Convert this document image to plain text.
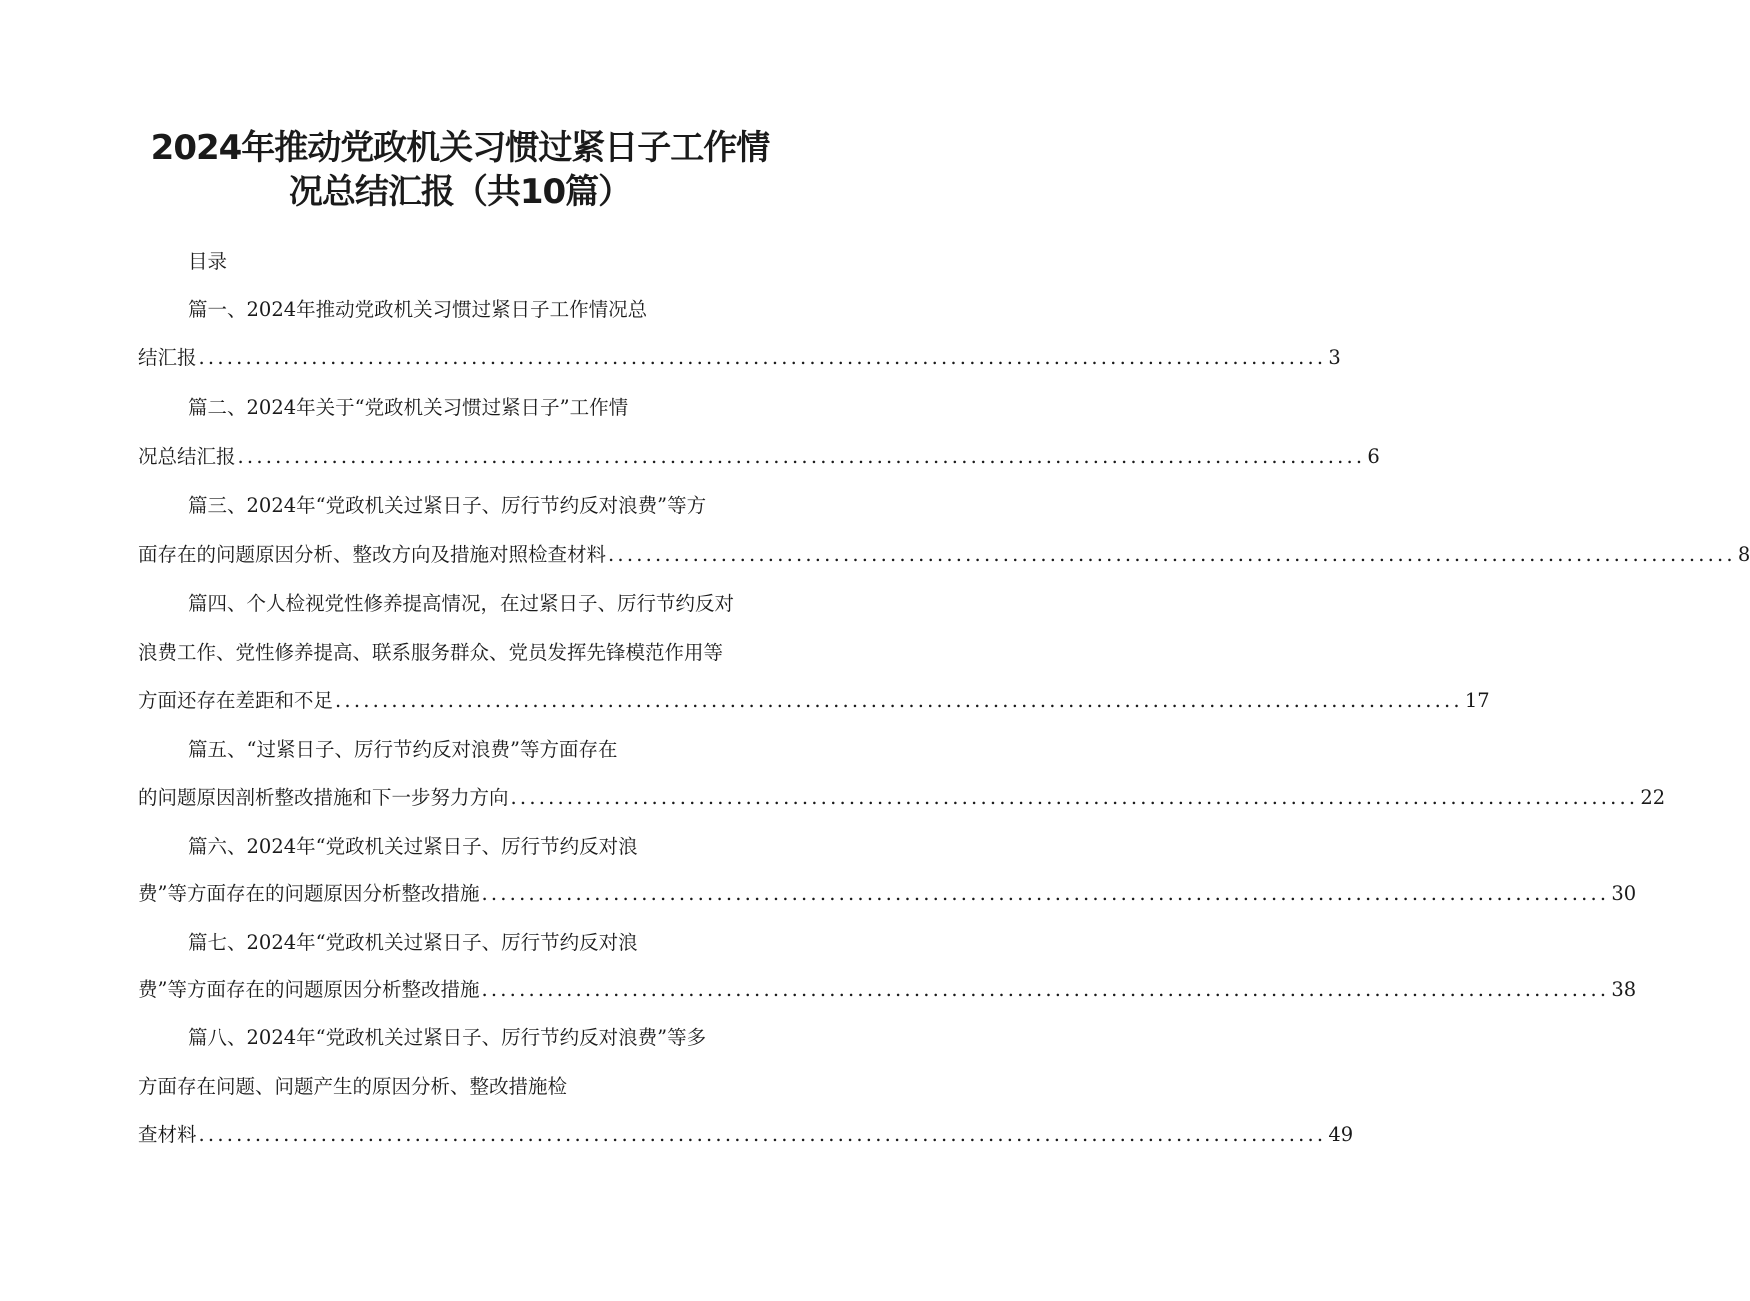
2024年推动党政机关习惯过紧日子工作情
况总结汇报（共10篇）

目录

篇一、2024年推动党政机关习惯过紧日子工作情况总

结汇报 ........................................................................................................................ 3

篇二、2024年关于“党政机关习惯过紧日子”工作情

况总结汇报 ........................................................................................................................ 6

篇三、2024年“党政机关过紧日子、厉行节约反对浪费”等方

面存在的问题原因分析、整改方向及措施对照检查材料 ........................................................................................................................ 8

篇四、个人检视党性修养提高情况，在过紧日子、厉行节约反对

浪费工作、党性修养提高、联系服务群众、党员发挥先锋模范作用等

方面还存在差距和不足 ........................................................................................................................ 17

篇五、“过紧日子、厉行节约反对浪费”等方面存在

的问题原因剖析整改措施和下一步努力方向 ........................................................................................................................ 22

篇六、2024年“党政机关过紧日子、厉行节约反对浪

费”等方面存在的问题原因分析整改措施 ........................................................................................................................ 30

篇七、2024年“党政机关过紧日子、厉行节约反对浪

费”等方面存在的问题原因分析整改措施 ........................................................................................................................ 38

篇八、2024年“党政机关过紧日子、厉行节约反对浪费”等多

方面存在问题、问题产生的原因分析、整改措施检

查材料 ........................................................................................................................ 49
